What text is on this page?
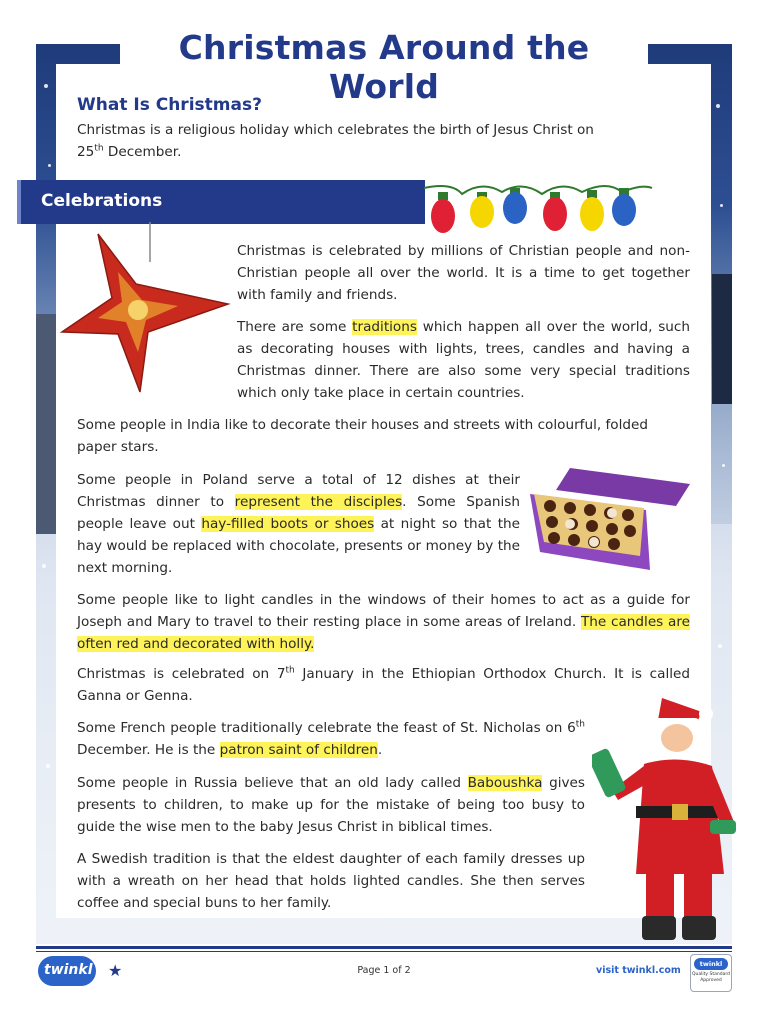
Christmas Around the World
What Is Christmas?

Christmas is a religious holiday which celebrates the birth of Jesus Christ on
25th December.

Celebrations

Christmas is celebrated by millions of Christian people and non-Christian people all over the world. It is a time to get together with family and friends.

There are some traditions which happen all over the world, such as decorating houses with lights, trees, candles and having a Christmas dinner. There are also some very special traditions which only take place in certain countries.

Some people in India like to decorate their houses and streets with colourful, folded paper stars.

Some people in Poland serve a total of 12 dishes at their Christmas dinner to represent the disciples. Some Spanish people leave out hay-filled boots or shoes at night so that the hay would be replaced with chocolate, presents or money by the next morning.

Some people like to light candles in the windows of their homes to act as a guide for Joseph and Mary to travel to their resting place in some areas of Ireland. The candles are often red and decorated with holly.

Christmas is celebrated on 7th January in the Ethiopian Orthodox Church. It is called Ganna or Genna.

Some French people traditionally celebrate the feast of St. Nicholas on 6th December. He is the patron saint of children.

Some people in Russia believe that an old lady called Baboushka gives presents to children, to make up for the mistake of being too busy to guide the wise men to the baby Jesus Christ in biblical times.

A Swedish tradition is that the eldest daughter of each family dresses up with a wreath on her head that holds lighted candles. She then serves coffee and special buns to her family.

twinkl ★	Page 1 of 2	visit twinkl.com
twinkl
Quality Standard Approved
